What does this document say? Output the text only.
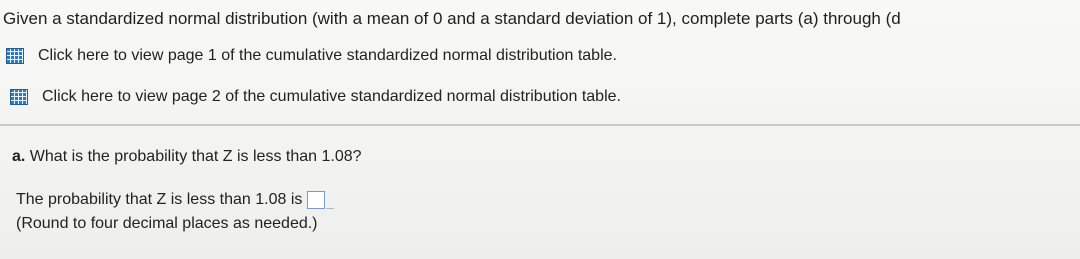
Given a standardized normal distribution (with a mean of 0 and a standard deviation of 1), complete parts (a) through (d
Click here to view page 1 of the cumulative standardized normal distribution table.
Click here to view page 2 of the cumulative standardized normal distribution table.
a. What is the probability that Z is less than 1.08?
The probability that Z is less than 1.08 is
(Round to four decimal places as needed.)
